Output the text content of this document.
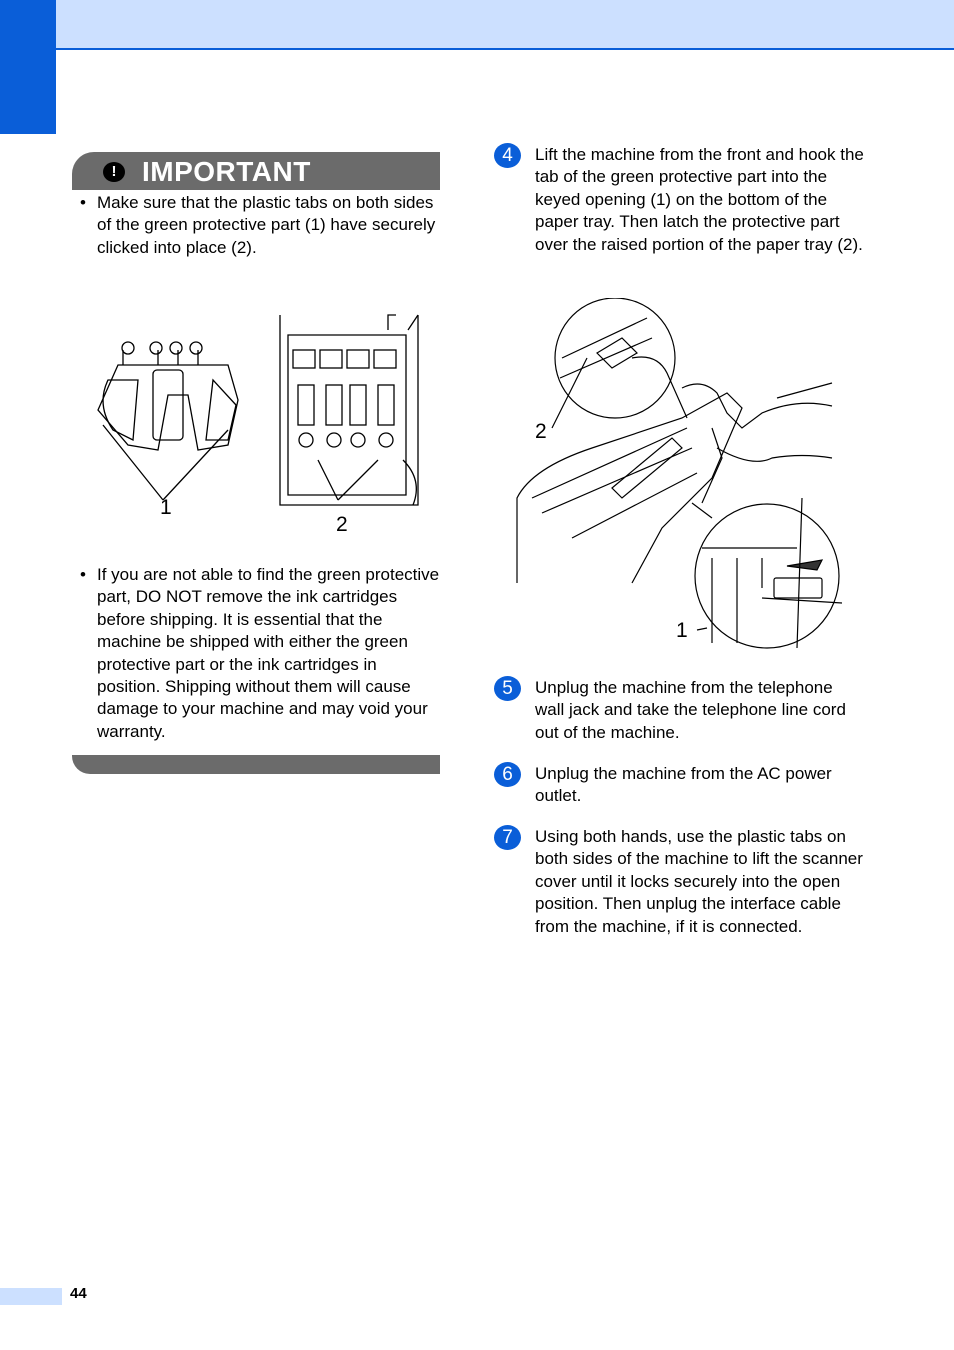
! IMPORTANT
• Make sure that the plastic tabs on both sides of the green protective part (1) have securely clicked into place (2).
1
2
• If you are not able to find the green protective part, DO NOT remove the ink cartridges before shipping. It is essential that the machine be shipped with either the green protective part or the ink cartridges in position. Shipping without them will cause damage to your machine and may void your warranty.
4	Lift the machine from the front and hook the tab of the green protective part into the keyed opening (1) on the bottom of the paper tray. Then latch the protective part over the raised portion of the paper tray (2).
2
1
5	Unplug the machine from the telephone wall jack and take the telephone line cord out of the machine.
6	Unplug the machine from the AC power outlet.
7	Using both hands, use the plastic tabs on both sides of the machine to lift the scanner cover until it locks securely into the open position. Then unplug the interface cable from the machine, if it is connected.
44
